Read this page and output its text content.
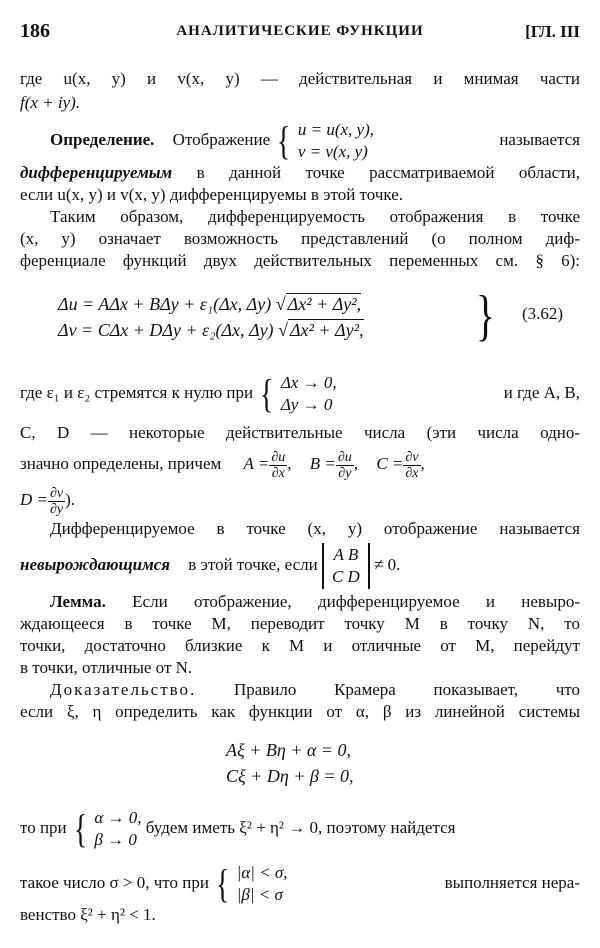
186	АНАЛИТИЧЕСКИЕ ФУНКЦИИ	[ГЛ. III
где u(x, y) и v(x, y) — действительная и мнимая части
f(x + iy).
Определение. Отображение { u = u(x, y),
v = v(x, y)
называется
дифференцируемым в данной точке рассматриваемой области,
если u(x, y) и v(x, y) дифференцируемы в этой точке.
Таким образом, дифференцируемость отображения в точке
(x, y) означает возможность представлений (о полном диф-
ференциале функций двух действительных переменных см. § 6):
Δu = AΔx + BΔy + ε₁(Δx, Δy) √ Δx² + Δy²,
Δv = CΔx + DΔy + ε₂(Δx, Δy) √ Δx² + Δy², } (3.62)
где ε₁ и ε₂ стремятся к нулю при { Δx → 0,
Δy → 0
и где A, B,
C, D — некоторые действительные числа (эти числа одно-
значно определены, причем $A = \frac{\partial u}{\partial x}$ , $B = \frac{\partial u}{\partial y}$ , $C = \frac{\partial v}{\partial x}$ ,
$D = \frac{\partial v}{\partial y}$ ).
Дифференцируемое в точке (x, y) отображение называется
невырождающимся в этой точке, если
A B
C D
≠ 0.
Лемма. Если отображение, дифференцируемое и невыро-
ждающееся в точке M, переводит точку M в точку N, то
точки, достаточно близкие к M и отличные от M, перейдут
в точки, отличные от N.
Доказательство. Правило Крамера показывает, что
если ξ, η определить как функции от α, β из линейной системы
Aξ + Bη + α = 0,
Cξ + Dη + β = 0,
то при { α → 0,
β → 0
будем иметь ξ² + η² → 0, поэтому найдется
такое число σ > 0, что при { |α| < σ,
|β| < σ
выполняется нера-
венство ξ² + η² < 1.
